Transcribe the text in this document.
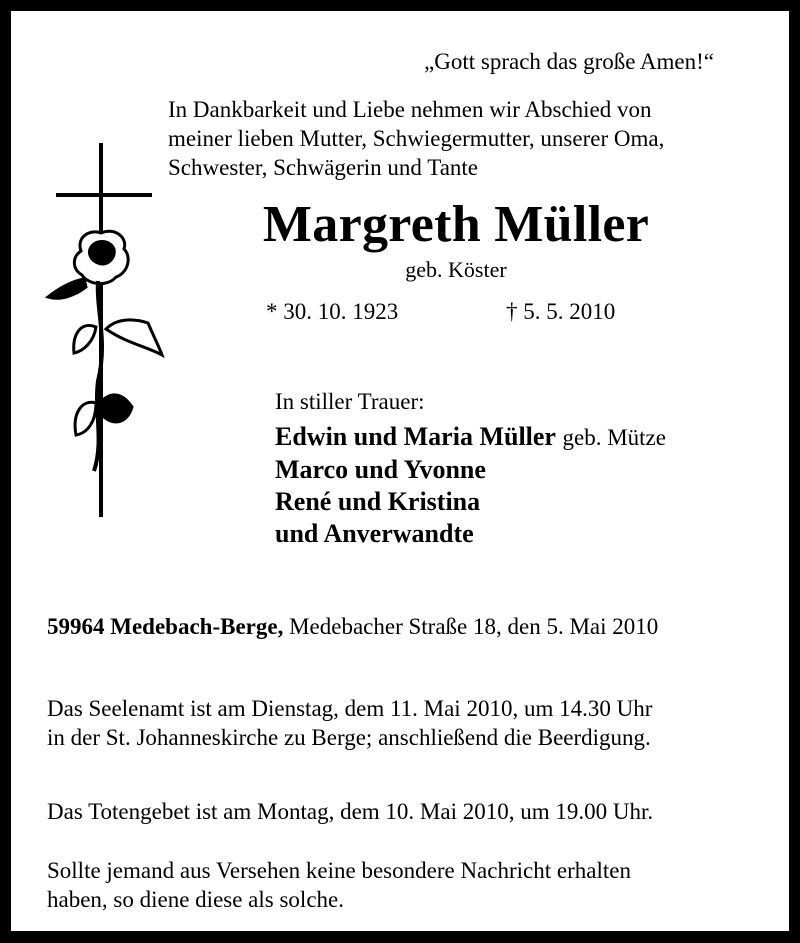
„Gott sprach das große Amen!“
In Dankbarkeit und Liebe nehmen wir Abschied von
meiner lieben Mutter, Schwiegermutter, unserer Oma,
Schwester, Schwägerin und Tante
Margreth Müller
geb. Köster
* 30. 10. 1923	† 5. 5. 2010
In stiller Trauer:
Edwin und Maria Müller geb. Mütze
Marco und Yvonne
René und Kristina
und Anverwandte
59964 Medebach-Berge, Medebacher Straße 18, den 5. Mai 2010
Das Seelenamt ist am Dienstag, dem 11. Mai 2010, um 14.30 Uhr
in der St. Johanneskirche zu Berge; anschließend die Beerdigung.
Das Totengebet ist am Montag, dem 10. Mai 2010, um 19.00 Uhr.
Sollte jemand aus Versehen keine besondere Nachricht erhalten
haben, so diene diese als solche.
